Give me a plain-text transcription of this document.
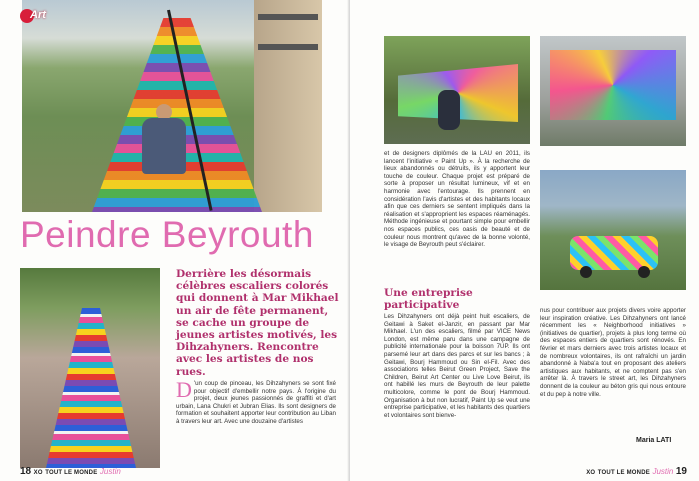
Art
Peindre Beyrouth
Derrière les désormais célèbres escaliers colorés qui donnent à Mar Mikhael un air de fête permanent, se cache un groupe de jeunes artistes motivés, les Dihzahyners. Rencontre avec les artistes de nos rues.
D 'un coup de pinceau, les Dihzahyners se sont fixé pour objectif d'embellir notre pays. À l'origine du projet, deux jeunes passionnés de graffiti et d'art urbain, Lana Chukri et Jubran Elias. Ils sont designers de formation et souhaitent apporter leur contribution au Liban à travers leur art. Avec une douzaine d'artistes
18 XO TOUT LE MONDE Justin
et de designers diplômés de la LAU en 2011, ils lancent l'initiative « Paint Up ». À la recherche de lieux abandonnés ou détruits, ils y apportent leur touche de couleur. Chaque projet est préparé de sorte à proposer un résultat lumineux, vif et en harmonie avec l'entourage. Ils prennent en considération l'avis d'artistes et des habitants locaux afin que ces derniers se sentent impliqués dans la réalisation et s'approprient les espaces réaménagés. Méthode ingénieuse et pourtant simple pour embellir nos espaces publics, ces oasis de beauté et de couleur nous montrent qu'avec de la bonne volonté, le visage de Beyrouth peut s'éclairer.
Une entreprise participative
Les Dihzahyners ont déjà peint huit escaliers, de Geitawi à Saket el-Janzir, en passant par Mar Mikhael. L'un des escaliers, filmé par VICE News London, est même paru dans une campagne de publicité internationale pour la boisson 7UP. Ils ont parsemé leur art dans des parcs et sur les bancs ; à Geitawi, Bourj Hammoud ou Sin el-Fil. Avec des associations telles Beirut Green Project, Save the Children, Beirut Art Center ou Live Love Beirut, ils ont habillé les murs de Beyrouth de leur palette multicolore, comme le pont de Bourj Hammoud. Organisation à but non lucratif, Paint Up se veut une entreprise participative, et les habitants des quartiers et volontaires sont bienve-
nus pour contribuer aux projets divers voire apporter leur inspiration créative. Les Dihzahyners ont lancé récemment les « Neighborhood initiatives » (initiatives de quartier), projets à plus long terme où des espaces entiers de quartiers sont rénovés. En février et mars derniers avec trois artistes locaux et de nombreux volontaires, ils ont rafraîchi un jardin abandonné à Naba'a tout en proposant des ateliers artistiques aux habitants, et ne comptent pas s'en arrêter là. À travers le street art, les Dihzahyners donnent de la couleur au béton gris qui nous entoure et du pep à notre ville.
Maria LATI
XO TOUT LE MONDE Justin 19
